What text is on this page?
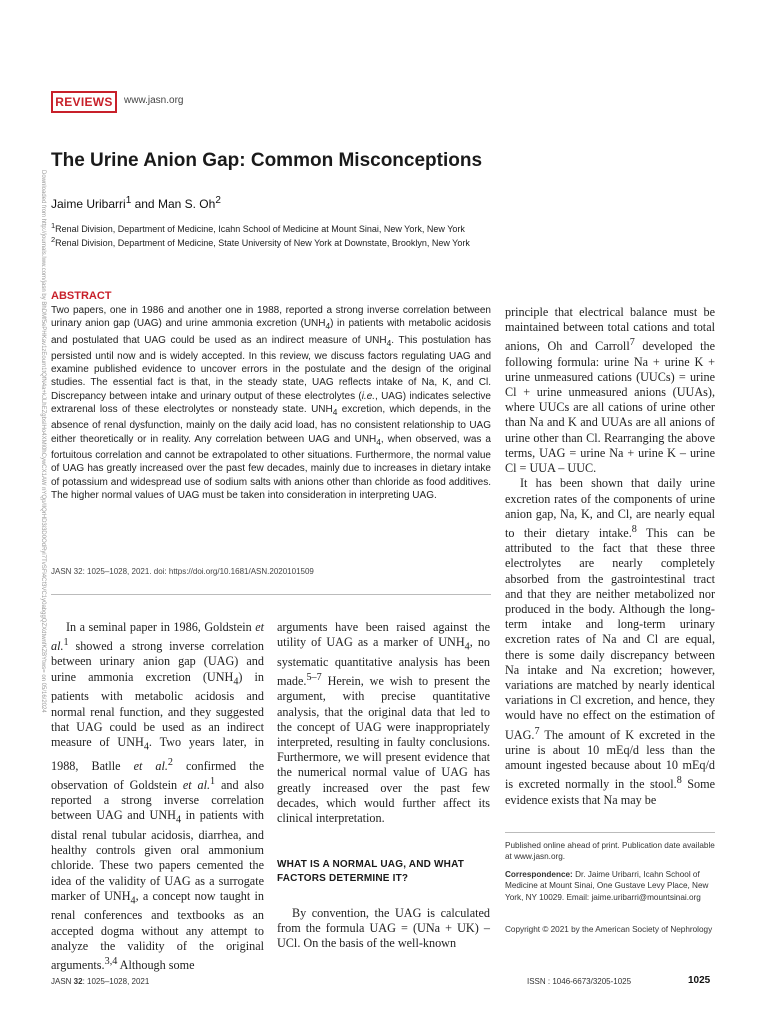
REVIEWS	www.jasn.org
Downloaded from http://journals.lww.com/jasn by BhDMf5ePHKav1zEoum1tQfN4a+kJLhEZgbsIHo4XMi0hCywCX1AW nYQp/IlQrHD3i3D0OdRyi7TvSFl4Cf3VC1y0abggQZXdtwnfKZBYtws= on 05/16/2024
The Urine Anion Gap: Common Misconceptions
Jaime Uribarri$^1$ and Man S. Oh$^2$
$^1$Renal Division, Department of Medicine, Icahn School of Medicine at Mount Sinai, New York, New York
$^2$Renal Division, Department of Medicine, State University of New York at Downstate, Brooklyn, New York
ABSTRACT
Two papers, one in 1986 and another one in 1988, reported a strong inverse correlation between urinary anion gap (UAG) and urine ammonia excretion $(UNH_4)$ in patients with metabolic acidosis and postulated that UAG could be used as an indirect measure of $UNH_4$. This postulation has persisted until now and is widely accepted. In this review, we discuss factors regulating UAG and examine published evidence to uncover errors in the postulate and the design of the original studies. The essential fact is that, in the steady state, UAG reflects intake of Na, K, and Cl. Discrepancy between intake and urinary output of these electrolytes (i.e., UAG) indicates selective extrarenal loss of these electrolytes or nonsteady state. $UNH_4$ excretion, which depends, in the absence of renal dysfunction, mainly on the daily acid load, has no consistent relationship to UAG either theoretically or in reality. Any correlation between UAG and $UNH_4$, when observed, was a fortuitous correlation and cannot be extrapolated to other situations. Furthermore, the normal value of UAG has greatly increased over the past few decades, mainly due to increases in dietary intake of potassium and widespread use of sodium salts with anions other than chloride as food additives. The higher normal values of UAG must be taken into consideration in interpreting UAG.
JASN 32: 1025–1028, 2021. doi: https://doi.org/10.1681/ASN.2020101509

In a seminal paper in 1986, Goldstein et al.$^1$ showed a strong inverse correlation between urinary anion gap (UAG) and urine ammonia excretion $(UNH_4)$ in patients with metabolic acidosis and normal renal function, and they suggested that UAG could be used as an indirect measure of $UNH_4$. Two years later, in 1988, Batlle et al.$^2$ confirmed the observation of Goldstein et al.$^1$ and also reported a strong inverse correlation between UAG and $UNH_4$ in patients with distal renal tubular acidosis, diarrhea, and healthy controls given oral ammonium chloride. These two papers cemented the idea of the validity of UAG as a surrogate marker of $UNH_4$, a concept now taught in renal conferences and textbooks as an accepted dogma without any attempt to analyze the validity of the original arguments.$^{3,4}$ Although some

arguments have been raised against the utility of UAG as a marker of $UNH_4$, no systematic quantitative analysis has been made.$^{5-7}$ Herein, we wish to present the argument, with precise quantitative analysis, that the original data that led to the concept of UAG were inappropriately interpreted, resulting in faulty conclusions. Furthermore, we will present evidence that the numerical normal value of UAG has greatly increased over the past few decades, which would further affect its clinical interpretation.

WHAT IS A NORMAL UAG, AND WHAT FACTORS DETERMINE IT?

By convention, the UAG is calculated from the formula UAG = (UNa + UK) – UCl. On the basis of the well-known

principle that electrical balance must be maintained between total cations and total anions, Oh and Carroll$^7$ developed the following formula: urine Na + urine K + urine unmeasured cations (UUCs) = urine Cl + urine unmeasured anions (UUAs), where UUCs are all cations of urine other than Na and K and UUAs are all anions of urine other than Cl. Rearranging the above terms, UAG = urine Na + urine K – urine Cl = UUA – UUC.

It has been shown that daily urine excretion rates of the components of urine anion gap, Na, K, and Cl, are nearly equal to their dietary intake.$^8$ This can be attributed to the fact that these three electrolytes are nearly completely absorbed from the gastrointestinal tract and that they are neither metabolized nor produced in the body. Although the long-term intake and long-term urinary excretion rates of Na and Cl are equal, there is some daily discrepancy between Na intake and Na excretion; however, variations are matched by nearly identical variations in Cl excretion, and hence, they would have no effect on the estimation of UAG.$^7$ The amount of K excreted in the urine is about 10 mEq/d less than the amount ingested because about 10 mEq/d is excreted normally in the stool.$^8$ Some evidence exists that Na may be

Published online ahead of print. Publication date available at www.jasn.org.
Correspondence: Dr. Jaime Uribarri, Icahn School of Medicine at Mount Sinai, One Gustave Levy Place, New York, NY 10029. Email: jaime.uribarri@mountsinai.org
Copyright © 2021 by the American Society of Nephrology
JASN 32: 1025–1028, 2021	ISSN : 1046-6673/3205-1025	1025
